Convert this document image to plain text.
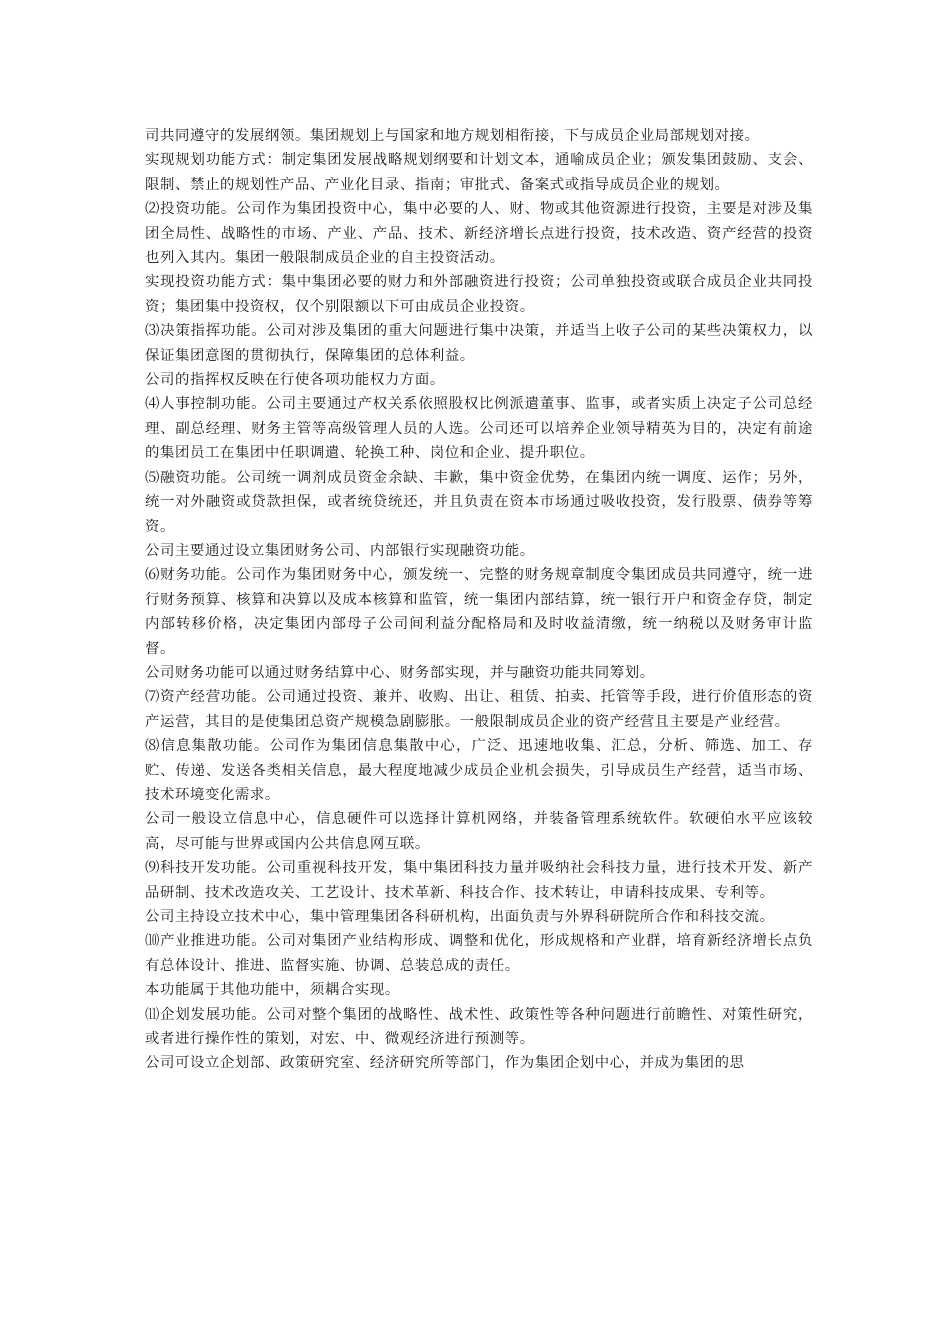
司共同遵守的发展纲领。集团规划上与国家和地方规划相衔接，下与成员企业局部规划对接。

实现规划功能方式：制定集团发展战略规划纲要和计划文本，通喻成员企业；颁发集团鼓励、支会、限制、禁止的规划性产品、产业化目录、指南；审批式、备案式或指导成员企业的规划。

⑵投资功能。公司作为集团投资中心，集中必要的人、财、物或其他资源进行投资，主要是对涉及集团全局性、战略性的市场、产业、产品、技术、新经济增长点进行投资，技术改造、资产经营的投资也列入其内。集团一般限制成员企业的自主投资活动。

实现投资功能方式：集中集团必要的财力和外部融资进行投资；公司单独投资或联合成员企业共同投资；集团集中投资权，仅个别限额以下可由成员企业投资。

⑶决策指挥功能。公司对涉及集团的重大问题进行集中决策，并适当上收子公司的某些决策权力，以保证集团意图的贯彻执行，保障集团的总体利益。

公司的指挥权反映在行使各项功能权力方面。

⑷人事控制功能。公司主要通过产权关系依照股权比例派遣董事、监事，或者实质上决定子公司总经理、副总经理、财务主管等高级管理人员的人选。公司还可以培养企业领导精英为目的，决定有前途的集团员工在集团中任职调遣、轮换工种、岗位和企业、提升职位。

⑸融资功能。公司统一调剂成员资金余缺、丰歉，集中资金优势，在集团内统一调度、运作；另外，统一对外融资或贷款担保，或者统贷统还，并且负责在资本市场通过吸收投资，发行股票、债券等筹资。

公司主要通过设立集团财务公司、内部银行实现融资功能。

⑹财务功能。公司作为集团财务中心，颁发统一、完整的财务规章制度令集团成员共同遵守，统一进行财务预算、核算和决算以及成本核算和监管，统一集团内部结算，统一银行开户和资金存贷，制定内部转移价格，决定集团内部母子公司间利益分配格局和及时收益清缴，统一纳税以及财务审计监督。

公司财务功能可以通过财务结算中心、财务部实现，并与融资功能共同筹划。

⑺资产经营功能。公司通过投资、兼并、收购、出让、租赁、拍卖、托管等手段，进行价值形态的资产运营，其目的是使集团总资产规模急剧膨胀。一般限制成员企业的资产经营且主要是产业经营。

⑻信息集散功能。公司作为集团信息集散中心，广泛、迅速地收集、汇总，分析、筛选、加工、存贮、传递、发送各类相关信息，最大程度地减少成员企业机会损失，引导成员生产经营，适当市场、技术环境变化需求。

公司一般设立信息中心，信息硬件可以选择计算机网络，并装备管理系统软件。软硬伯水平应该较高，尽可能与世界或国内公共信息网互联。

⑼科技开发功能。公司重视科技开发，集中集团科技力量并吸纳社会科技力量，进行技术开发、新产品研制、技术改造攻关、工艺设计、技术革新、科技合作、技术转让，申请科技成果、专利等。

公司主持设立技术中心，集中管理集团各科研机构，出面负责与外界科研院所合作和科技交流。

⑽产业推进功能。公司对集团产业结构形成、调整和优化，形成规格和产业群，培育新经济增长点负有总体设计、推进、监督实施、协调、总装总成的责任。

本功能属于其他功能中，须耦合实现。

⑾企划发展功能。公司对整个集团的战略性、战术性、政策性等各种问题进行前瞻性、对策性研究，或者进行操作性的策划，对宏、中、微观经济进行预测等。

公司可设立企划部、政策研究室、经济研究所等部门，作为集团企划中心，并成为集团的思
